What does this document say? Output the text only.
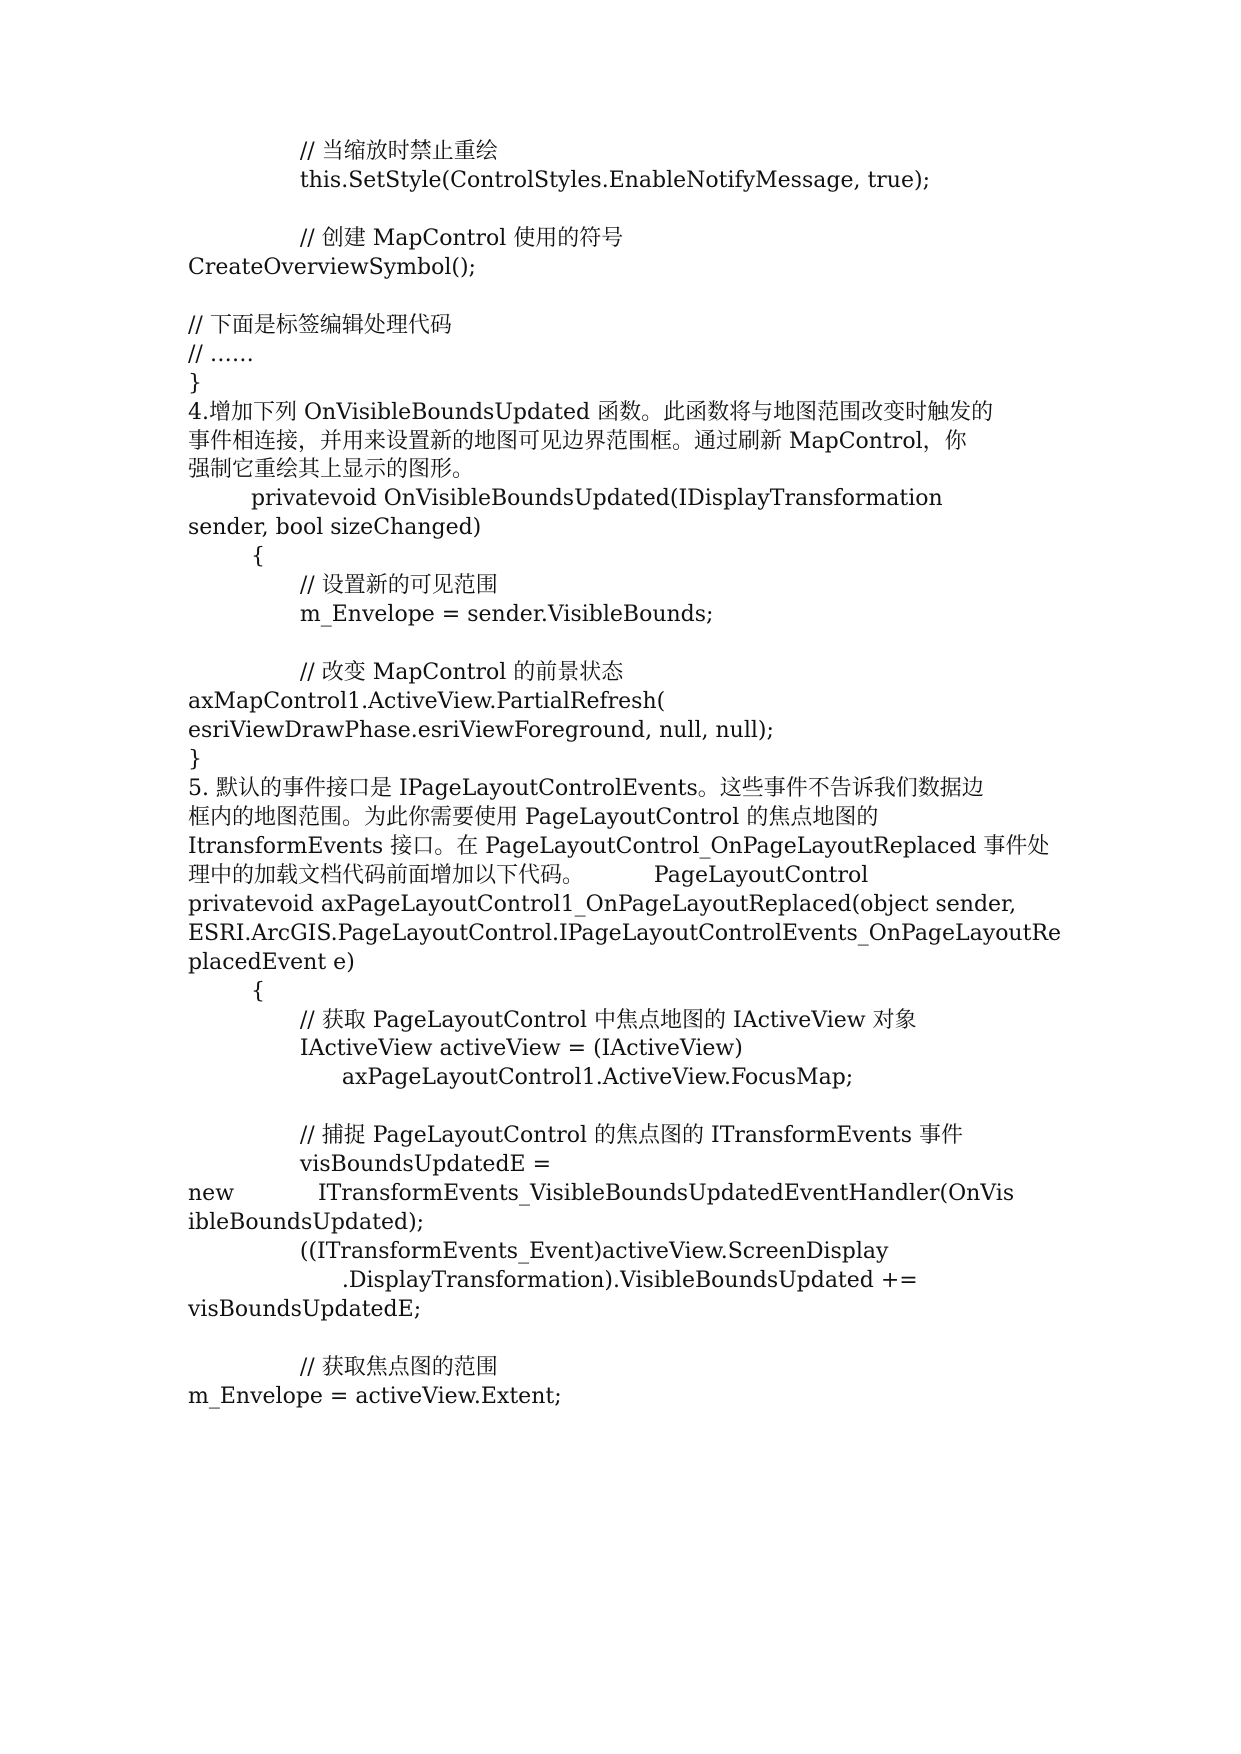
// 当缩放时禁止重绘
this.SetStyle(ControlStyles.EnableNotifyMessage, true);
// 创建 MapControl 使用的符号
CreateOverviewSymbol();
// 下面是标签编辑处理代码
// ……
}
4.增加下列 OnVisibleBoundsUpdated 函数。此函数将与地图范围改变时触发的
事件相连接，并用来设置新的地图可见边界范围框。通过刷新 MapControl，你
强制它重绘其上显示的图形。
privatevoid OnVisibleBoundsUpdated(IDisplayTransformation
sender, bool sizeChanged)
{
// 设置新的可见范围
m_Envelope = sender.VisibleBounds;
// 改变 MapControl 的前景状态
axMapControl1.ActiveView.PartialRefresh(
esriViewDrawPhase.esriViewForeground, null, null);
}
5. 默认的事件接口是 IPageLayoutControlEvents。这些事件不告诉我们数据边
框内的地图范围。为此你需要使用 PageLayoutControl 的焦点地图的
ItransformEvents 接口。在 PageLayoutControl_OnPageLayoutReplaced 事件处
理中的加载文档代码前面增加以下代码。          PageLayoutControl
privatevoid axPageLayoutControl1_OnPageLayoutReplaced(object sender,
ESRI.ArcGIS.PageLayoutControl.IPageLayoutControlEvents_OnPageLayoutRe
placedEvent e)
{
// 获取 PageLayoutControl 中焦点地图的 IActiveView 对象
IActiveView activeView = (IActiveView)
axPageLayoutControl1.ActiveView.FocusMap;
// 捕捉 PageLayoutControl 的焦点图的 ITransformEvents 事件
visBoundsUpdatedE =
new            ITransformEvents_VisibleBoundsUpdatedEventHandler(OnVis
ibleBoundsUpdated);
((ITransformEvents_Event)activeView.ScreenDisplay
.DisplayTransformation).VisibleBoundsUpdated +=
visBoundsUpdatedE;
// 获取焦点图的范围
m_Envelope = activeView.Extent;
